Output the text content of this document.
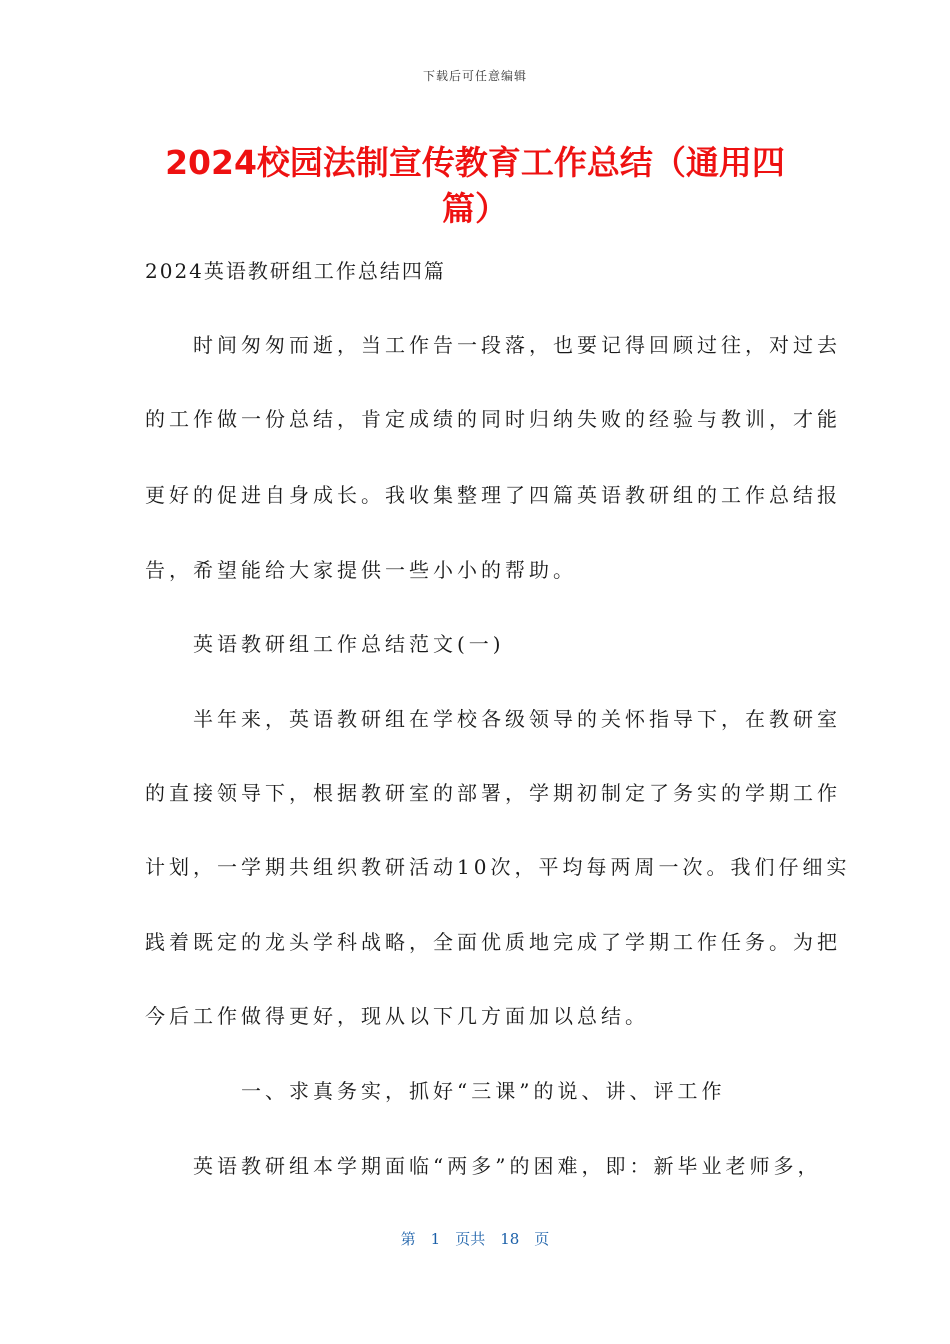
下载后可任意编辑
2024校园法制宣传教育工作总结（通用四篇）
2024英语教研组工作总结四篇
　　时间匆匆而逝，当工作告一段落，也要记得回顾过往，对过去
的工作做一份总结，肯定成绩的同时归纳失败的经验与教训，才能
更好的促进自身成长。我收集整理了四篇英语教研组的工作总结报
告，希望能给大家提供一些小小的帮助。
　　英语教研组工作总结范文(一)
　　半年来，英语教研组在学校各级领导的关怀指导下，在教研室
的直接领导下，根据教研室的部署，学期初制定了务实的学期工作
计划，一学期共组织教研活动10次，平均每两周一次。我们仔细实
践着既定的龙头学科战略，全面优质地完成了学期工作任务。为把
今后工作做得更好，现从以下几方面加以总结。
　　　　一、求真务实，抓好“三课”的说、讲、评工作
　　英语教研组本学期面临“两多”的困难，即：新毕业老师多，
第　1　页共　18　页
